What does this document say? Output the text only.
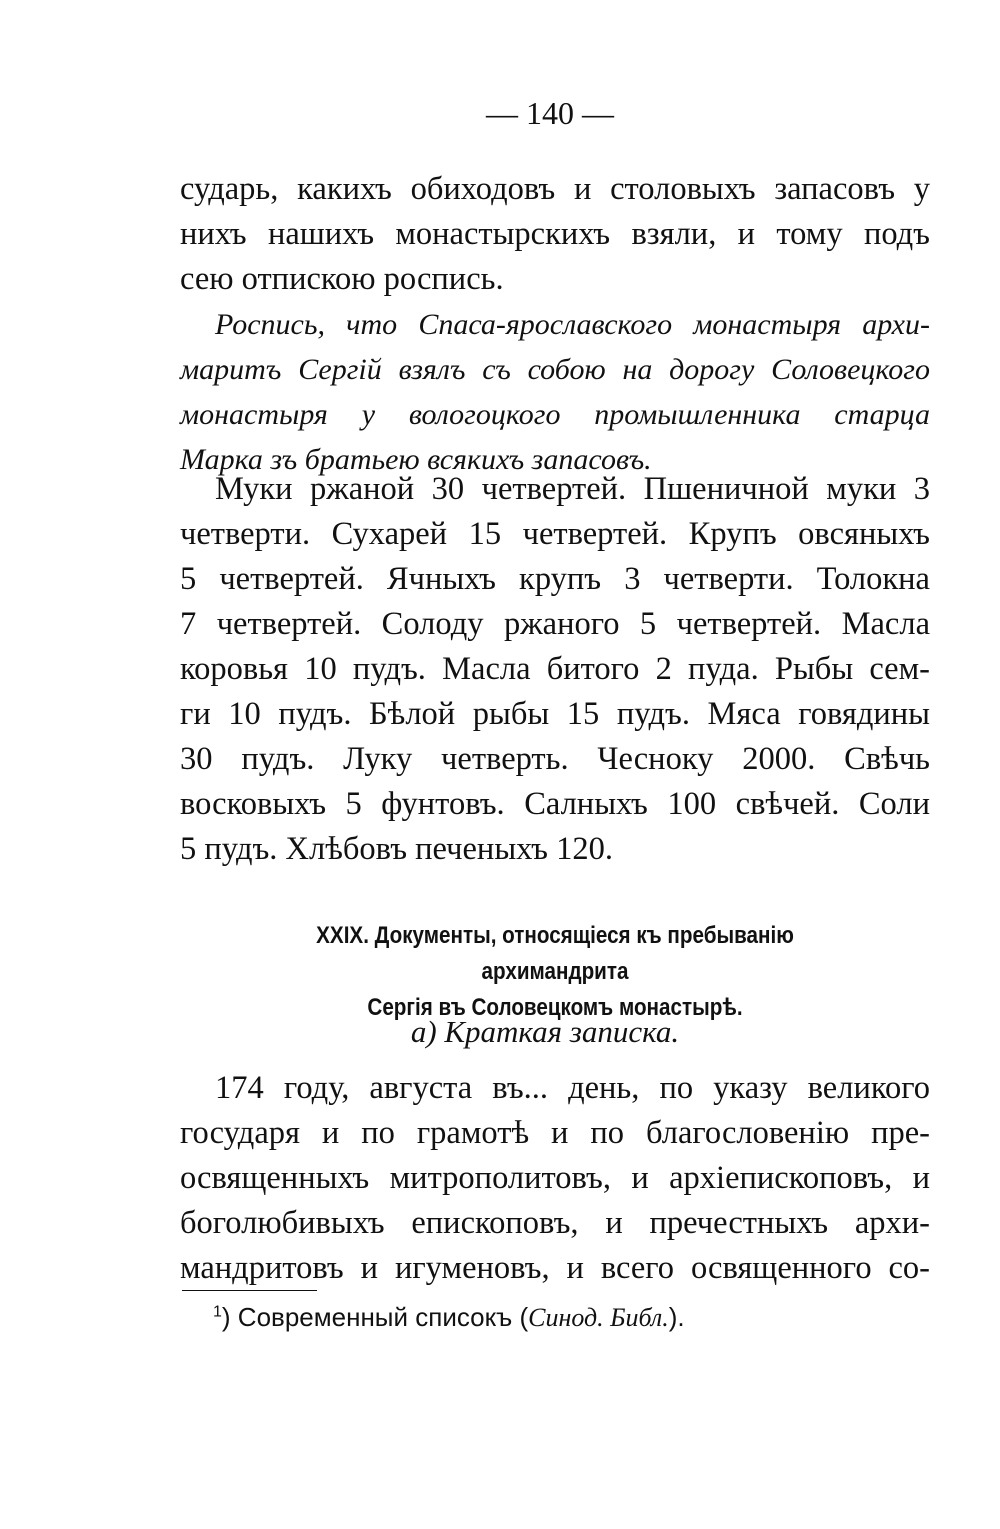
— 140 —
сударь, какихъ обиходовъ и столовыхъ запасовъ у
нихъ нашихъ монастырскихъ взяли, и тому подъ
сею отпискою роспись.
Роспись, что Спаса-ярославского монастыря архи-
маритъ Сергій взялъ съ собою на дорогу Соловецкого
монастыря у вологоцкого промышленника старца
Марка зъ братьею всякихъ запасовъ.
Муки ржаной 30 четвертей. Пшеничной муки 3
четверти. Сухарей 15 четвертей. Крупъ овсяныхъ
5 четвертей. Ячныхъ крупъ 3 четверти. Толокна
7 четвертей. Солоду ржаного 5 четвертей. Масла
коровья 10 пудъ. Масла битого 2 пуда. Рыбы сем-
ги 10 пудъ. Бѣлой рыбы 15 пудъ. Мяса говядины
30 пудъ. Луку четверть. Чесноку 2000. Свѣчь
восковыхъ 5 фунтовъ. Салныхъ 100 свѣчей. Соли
5 пудъ. Хлѣбовъ печеныхъ 120.
XXIX. Документы, относящіеся къ пребыванію архимандрита
Сергія въ Соловецкомъ монастырѣ.
а) Краткая записка.
174 году, августа въ... день, по указу великого
государя и по грамотѣ и по благословенію пре-
освященныхъ митрополитовъ, и архіепископовъ, и
боголюбивыхъ епископовъ, и пречестныхъ архи-
мандритовъ и игуменовъ, и всего освященного со-
$^1$) Современный списокъ (Синод. Библ.).
